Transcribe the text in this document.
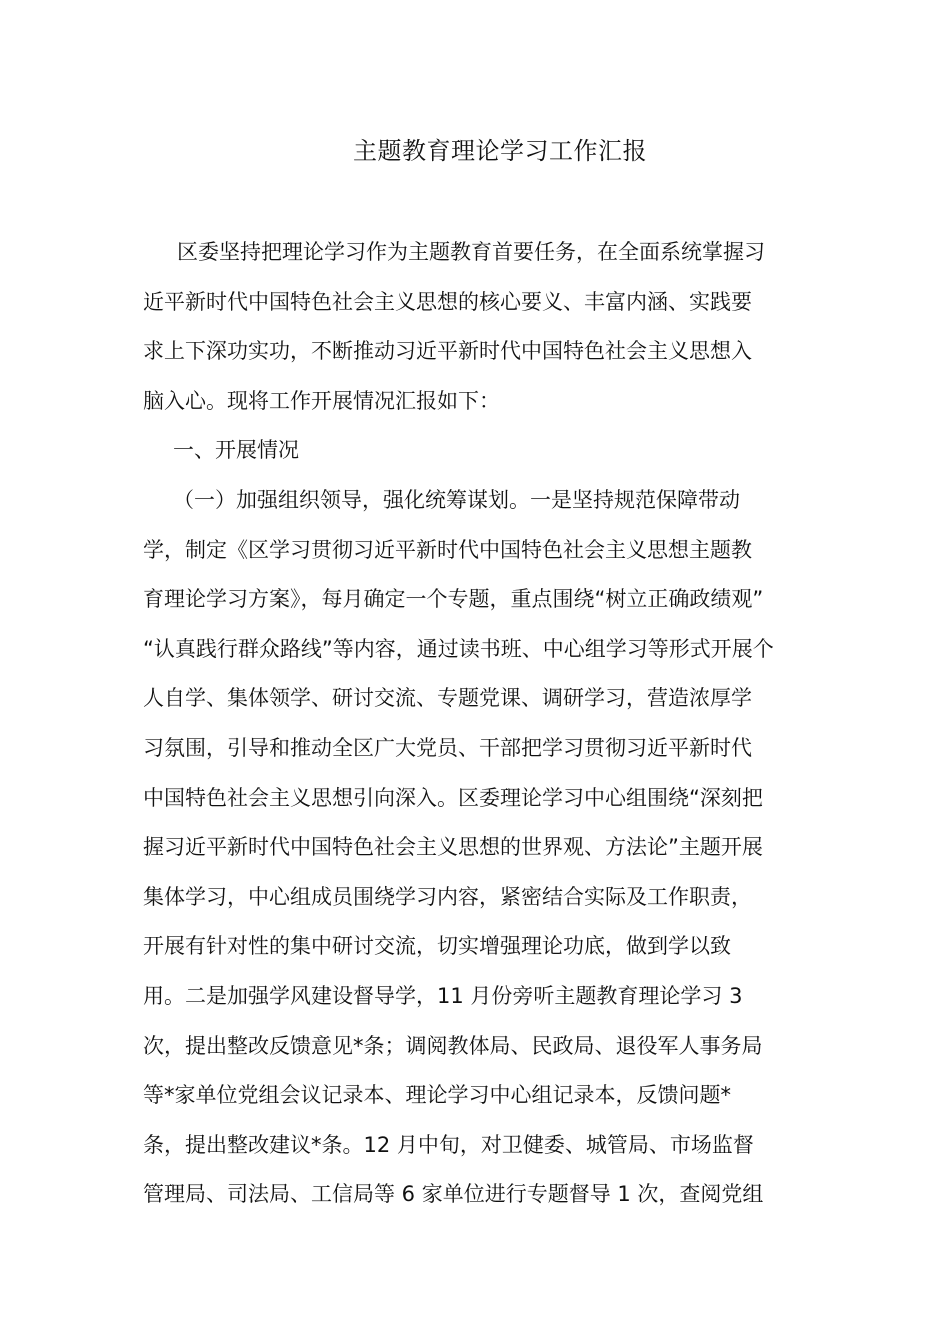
主题教育理论学习工作汇报
区委坚持把理论学习作为主题教育首要任务，在全面系统掌握习
近平新时代中国特色社会主义思想的核心要义、丰富内涵、实践要
求上下深功实功，不断推动习近平新时代中国特色社会主义思想入
脑入心。现将工作开展情况汇报如下：
一、开展情况
（一）加强组织领导，强化统筹谋划。一是坚持规范保障带动
学，制定《区学习贯彻习近平新时代中国特色社会主义思想主题教
育理论学习方案》，每月确定一个专题，重点围绕“树立正确政绩观”
“认真践行群众路线”等内容，通过读书班、中心组学习等形式开展个
人自学、集体领学、研讨交流、专题党课、调研学习，营造浓厚学
习氛围，引导和推动全区广大党员、干部把学习贯彻习近平新时代
中国特色社会主义思想引向深入。区委理论学习中心组围绕“深刻把
握习近平新时代中国特色社会主义思想的世界观、方法论”主题开展
集体学习，中心组成员围绕学习内容，紧密结合实际及工作职责，
开展有针对性的集中研讨交流，切实增强理论功底，做到学以致
用。二是加强学风建设督导学，11 月份旁听主题教育理论学习 3
次，提出整改反馈意见*条；调阅教体局、民政局、退役军人事务局
等*家单位党组会议记录本、理论学习中心组记录本，反馈问题*
条，提出整改建议*条。12 月中旬，对卫健委、城管局、市场监督
管理局、司法局、工信局等 6 家单位进行专题督导 1 次，查阅党组
